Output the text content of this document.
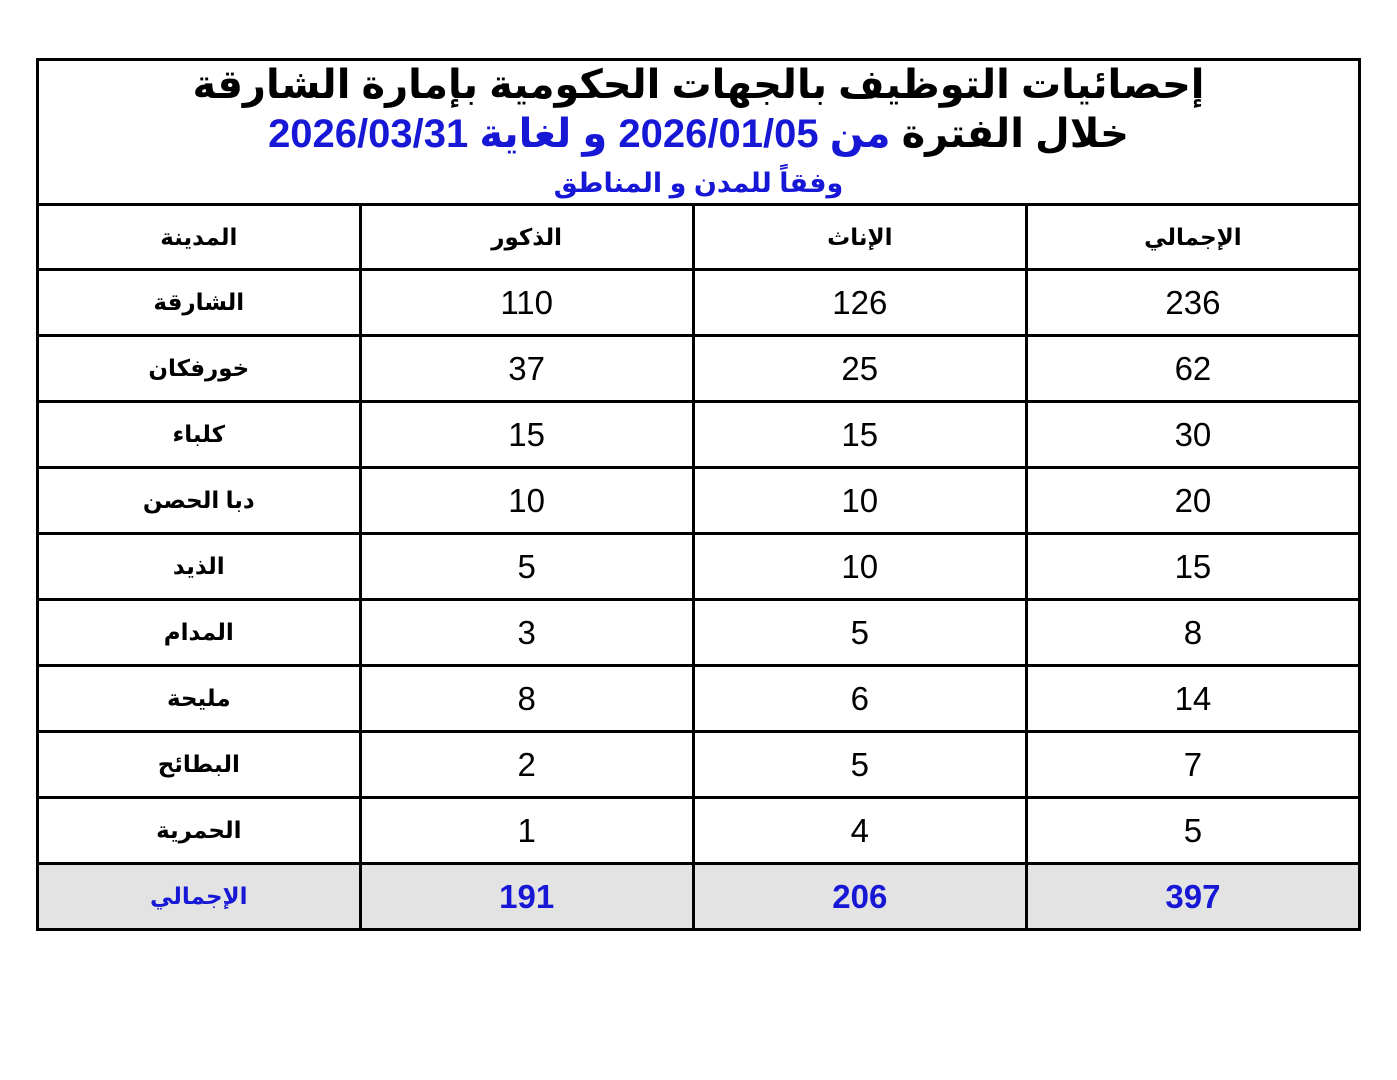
إحصائيات التوظيف بالجهات الحكومية بإمارة الشارقة
خلال الفترة من 2026/01/05 و لغاية 2026/03/31
وفقاً للمدن و المناطق			

الإجمالي	الإناث	الذكور	المدينة
236	126	110	الشارقة
62	25	37	خورفكان
30	15	15	كلباء
20	10	10	دبا الحصن
15	10	5	الذيد
8	5	3	المدام
14	6	8	مليحة
7	5	2	البطائح
5	4	1	الحمرية
397	206	191	الإجمالي
